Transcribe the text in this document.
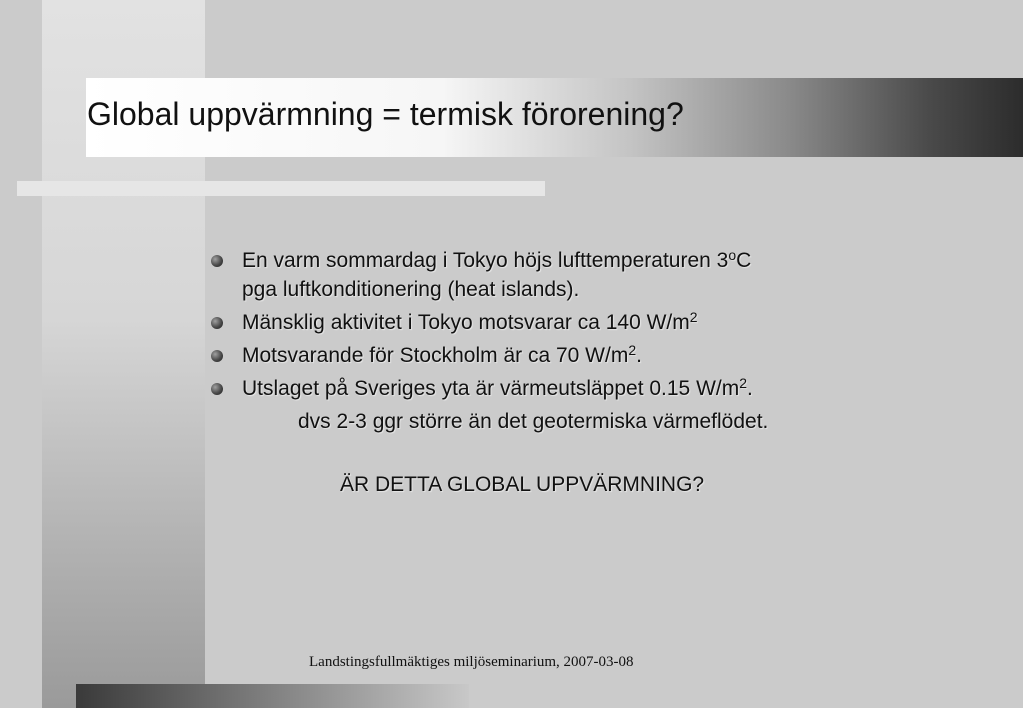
Global uppvärmning = termisk förorening?
En varm sommardag i Tokyo höjs lufttemperaturen 3$^o$C
pga luftkonditionering (heat islands).
Mänsklig aktivitet i Tokyo motsvarar ca 140 $W/m^2$
Motsvarande för Stockholm är ca 70 $W/m^2$.
Utslaget på Sveriges yta är värmeutsläppet 0.15 $W/m^2$.
dvs 2-3 ggr större än det geotermiska värmeflödet.
ÄR DETTA GLOBAL UPPVÄRMNING?
Landstingsfullmäktiges miljöseminarium, 2007-03-08
